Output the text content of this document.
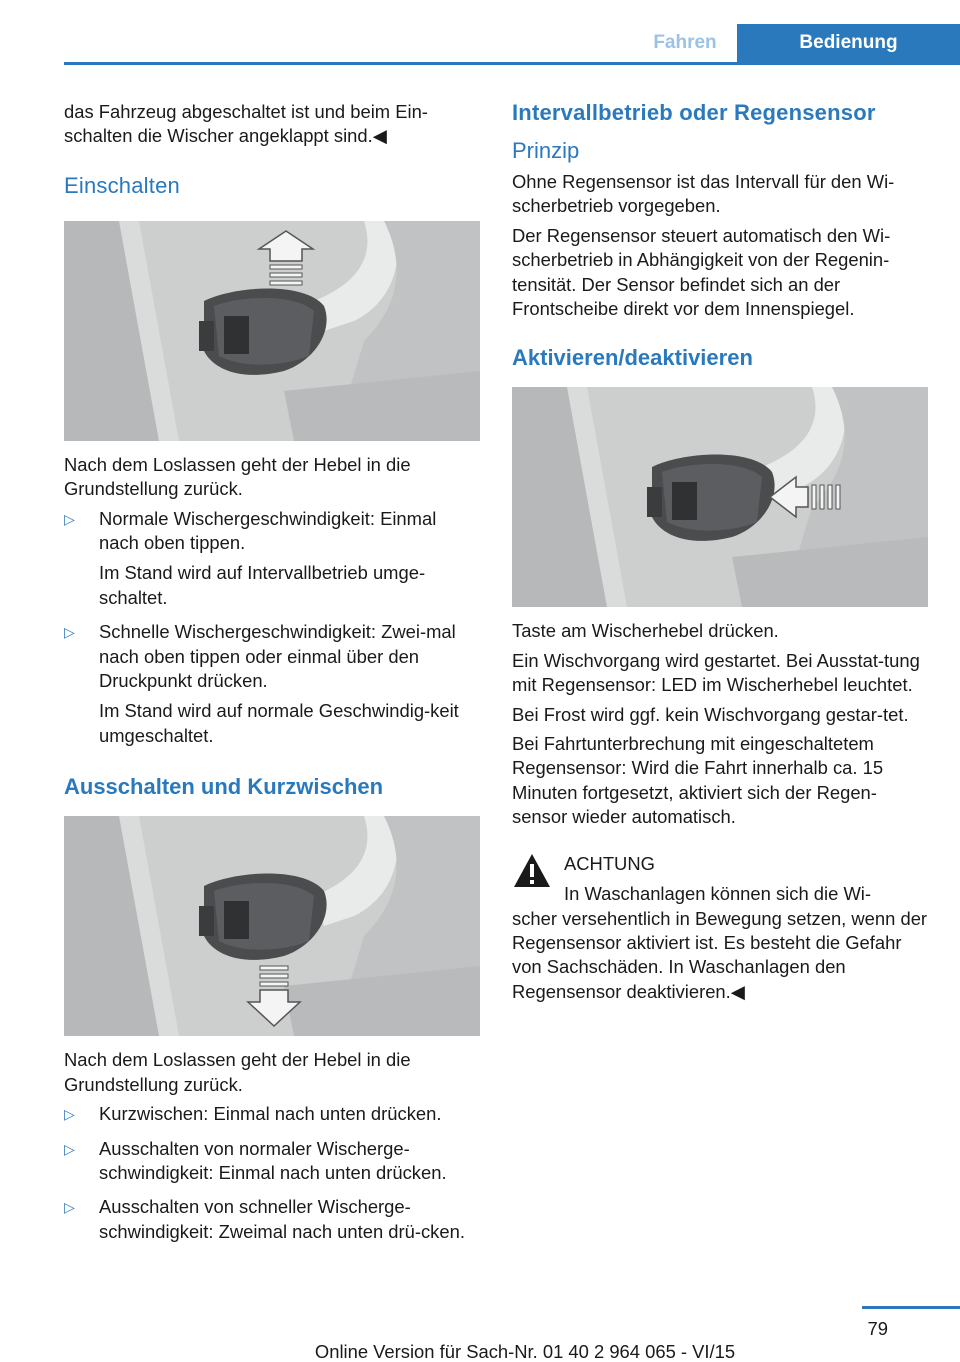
Fahren	Bedienung

das Fahrzeug abgeschaltet ist und beim Ein-
schalten die Wischer angeklappt sind.◀

Einschalten

Nach dem Loslassen geht der Hebel in die Grundstellung zurück.

▷ Normale Wischergeschwindigkeit: Einmal nach oben tippen.
Im Stand wird auf Intervallbetrieb umge-schaltet.
▷ Schnelle Wischergeschwindigkeit: Zwei-mal nach oben tippen oder einmal über den Druckpunkt drücken.
Im Stand wird auf normale Geschwindig-keit umgeschaltet.
Ausschalten und Kurzwischen

Nach dem Loslassen geht der Hebel in die Grundstellung zurück.

▷ Kurzwischen: Einmal nach unten drücken.
▷ Ausschalten von normaler Wischerge-schwindigkeit: Einmal nach unten drücken.
▷ Ausschalten von schneller Wischerge-schwindigkeit: Zweimal nach unten drü-cken.
Intervallbetrieb oder Regensensor
Prinzip

Ohne Regensensor ist das Intervall für den Wi-scherbetrieb vorgegeben.

Der Regensensor steuert automatisch den Wi-scherbetrieb in Abhängigkeit von der Regenin-tensität. Der Sensor befindet sich an der Frontscheibe direkt vor dem Innenspiegel.

Aktivieren/deaktivieren

Taste am Wischerhebel drücken.

Ein Wischvorgang wird gestartet. Bei Ausstat-tung mit Regensensor: LED im Wischerhebel leuchtet.

Bei Frost wird ggf. kein Wischvorgang gestar-tet.

Bei Fahrtunterbrechung mit eingeschaltetem Regensensor: Wird die Fahrt innerhalb ca. 15 Minuten fortgesetzt, aktiviert sich der Regen-sensor wieder automatisch.

ACHTUNG
In Waschanlagen können sich die Wi-
scher versehentlich in Bewegung setzen, wenn der Regensensor aktiviert ist. Es besteht die Gefahr von Sachschäden. In Waschanlagen den Regensensor deaktivieren.◀
79
Online Version für Sach-Nr. 01 40 2 964 065 - VI/15
